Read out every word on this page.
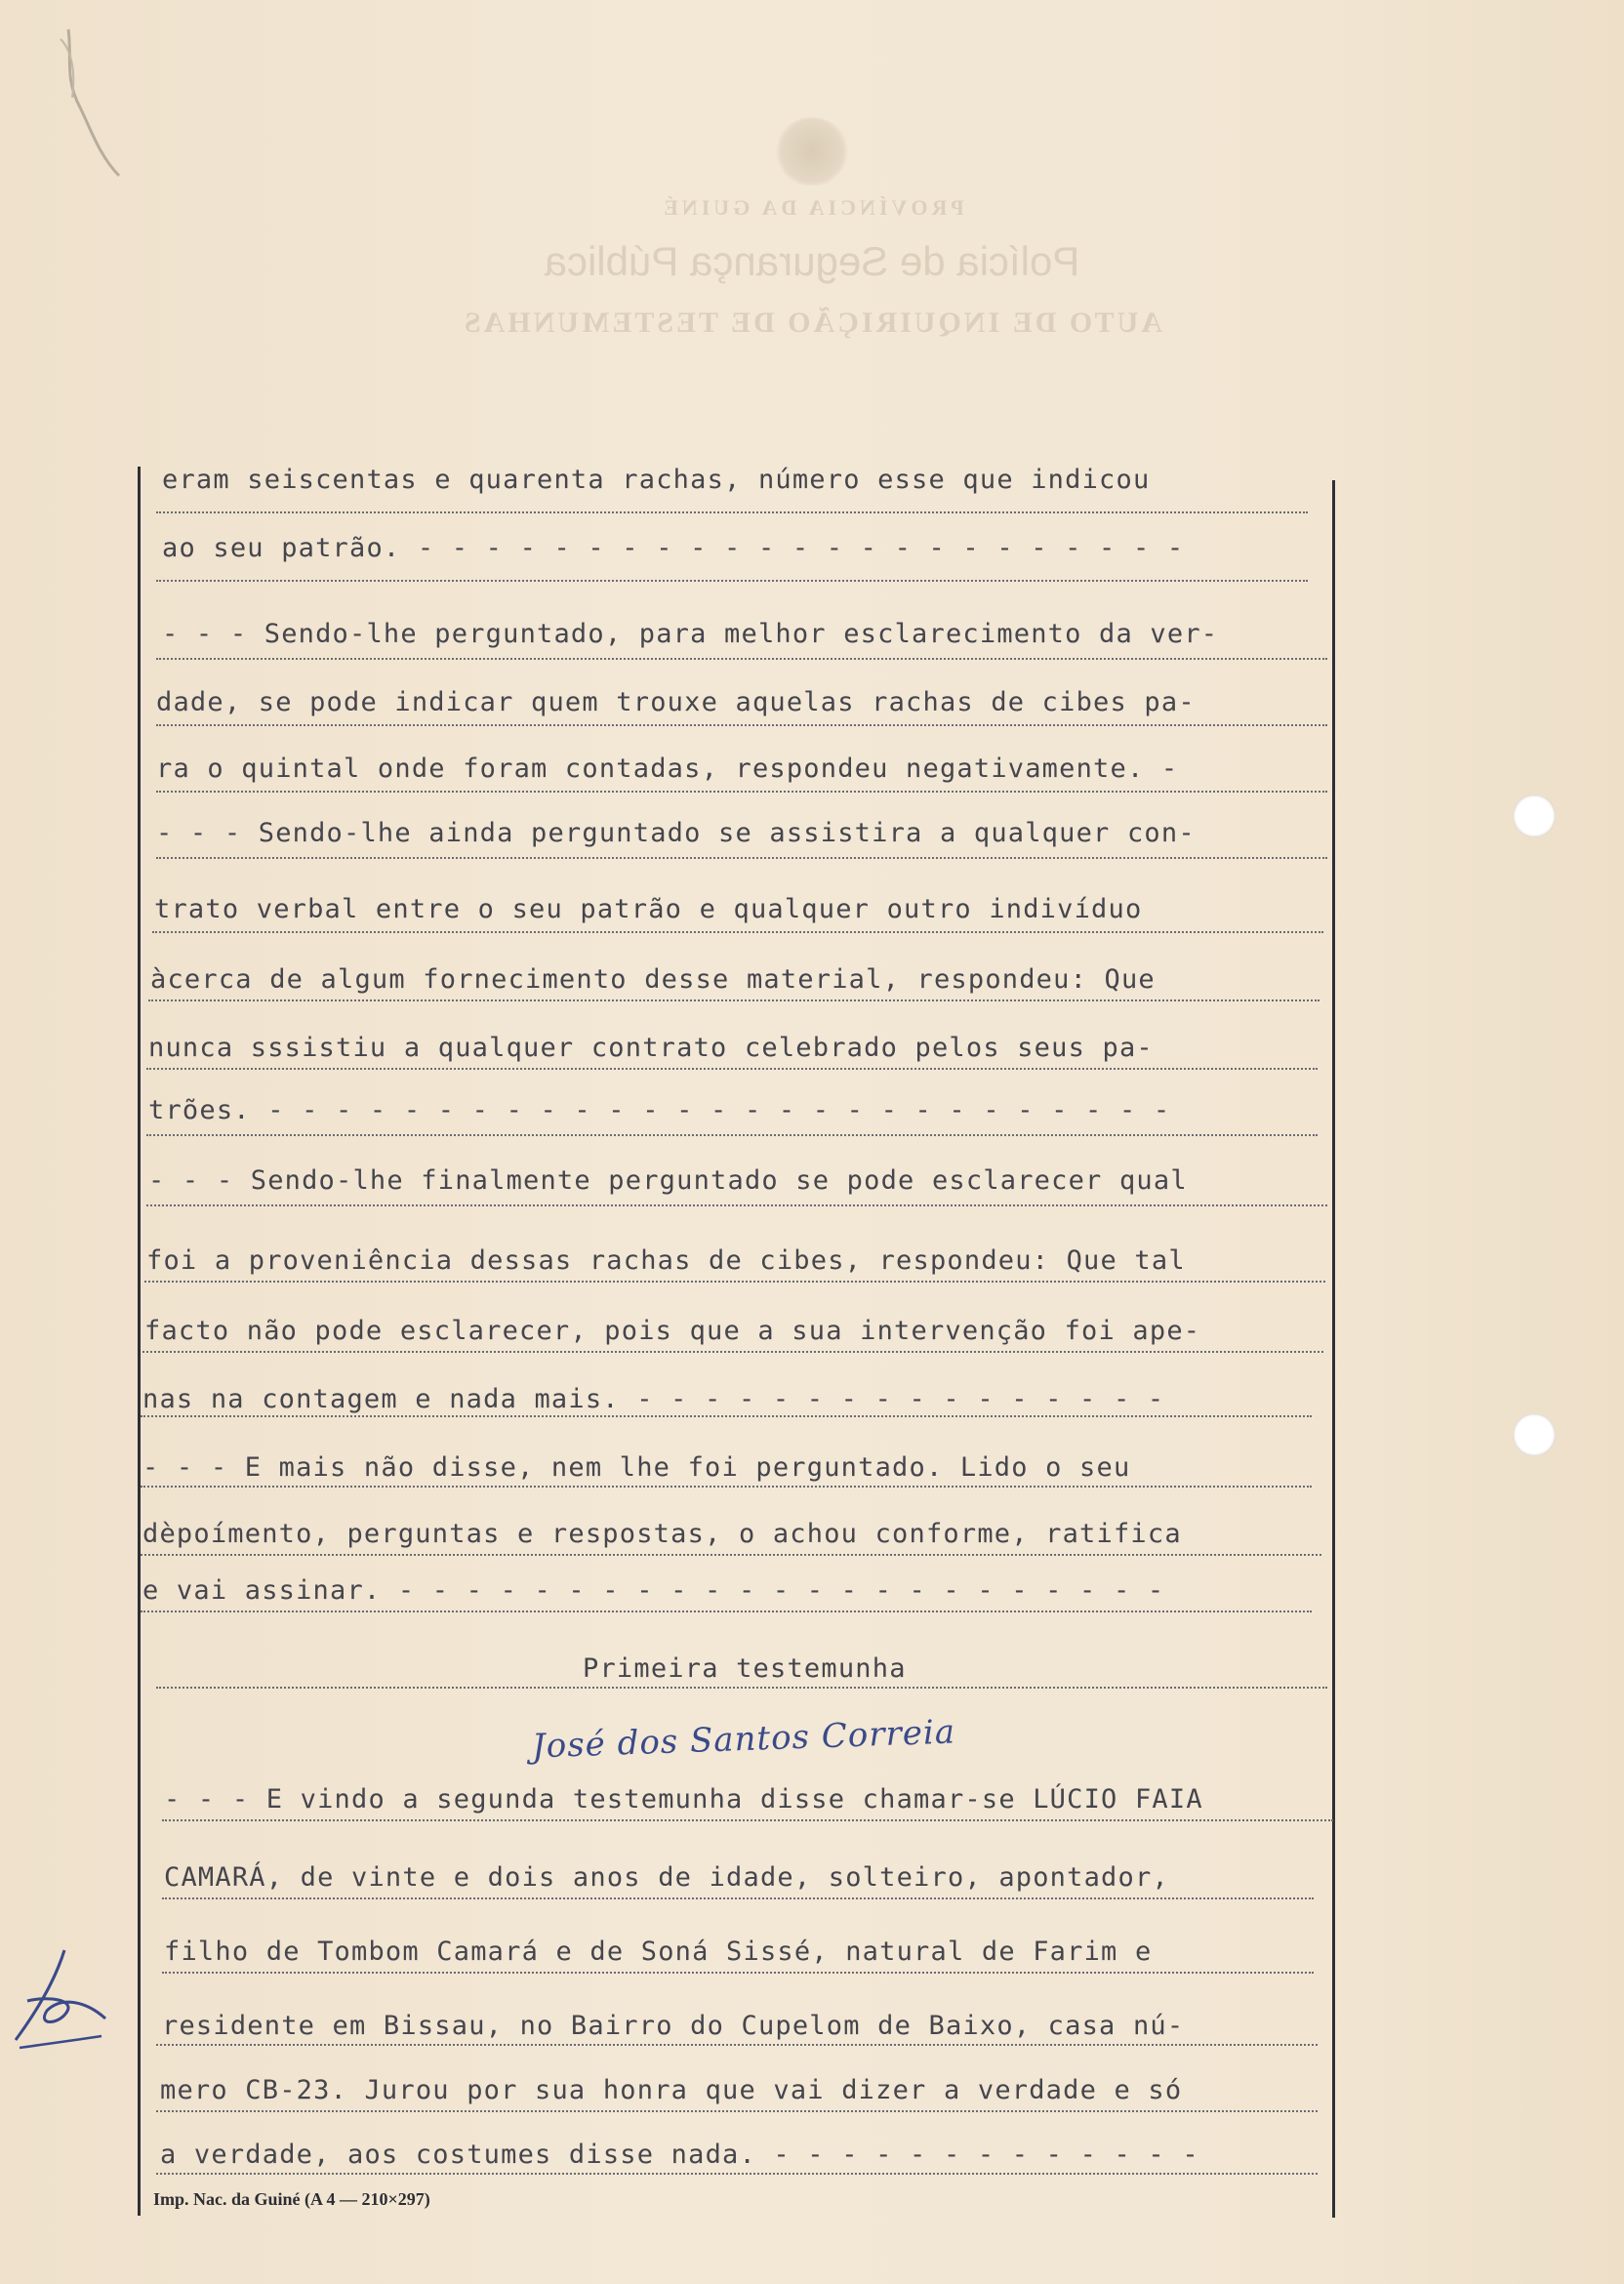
PROVÍNCIA DA GUINÉ
Polícia de Segurança Pública
AUTO DE INQUIRIÇÃO DE TESTEMUNHAS
eram seiscentas e quarenta rachas, número esse que indicou
ao seu patrão. - - - - - - - - - - - - - - - - - - - - - - -
- - - Sendo-lhe perguntado, para melhor esclarecimento da ver-
dade, se pode indicar quem trouxe aquelas rachas de cibes pa-
ra o quintal onde foram contadas, respondeu negativamente. -
- - - Sendo-lhe ainda perguntado se assistira a qualquer con-
trato verbal entre o seu patrão e qualquer outro indivíduo
àcerca de algum fornecimento desse material, respondeu: Que
nunca sssistiu a qualquer contrato celebrado pelos seus pa-
trões. - - - - - - - - - - - - - - - - - - - - - - - - - - -
- - - Sendo-lhe finalmente perguntado se pode esclarecer qual
foi a proveniência dessas rachas de cibes, respondeu: Que tal
facto não pode esclarecer, pois que a sua intervenção foi ape-
nas na contagem e nada mais. - - - - - - - - - - - - - - - -
- - - E mais não disse, nem lhe foi perguntado. Lido o seu
dèpoímento, perguntas e respostas, o achou conforme, ratifica
e vai assinar. - - - - - - - - - - - - - - - - - - - - - - -
Primeira testemunha
- - - E vindo a segunda testemunha disse chamar-se LÚCIO FAIA
CAMARÁ, de vinte e dois anos de idade, solteiro, apontador,
filho de Tombom Camará e de Soná Sissé, natural de Farim e
residente em Bissau, no Bairro do Cupelom de Baixo, casa nú-
mero CB-23. Jurou por sua honra que vai dizer a verdade e só
a verdade, aos costumes disse nada. - - - - - - - - - - - - -
José dos Santos Correia
Imp. Nac. da Guiné (A 4 — 210×297)
